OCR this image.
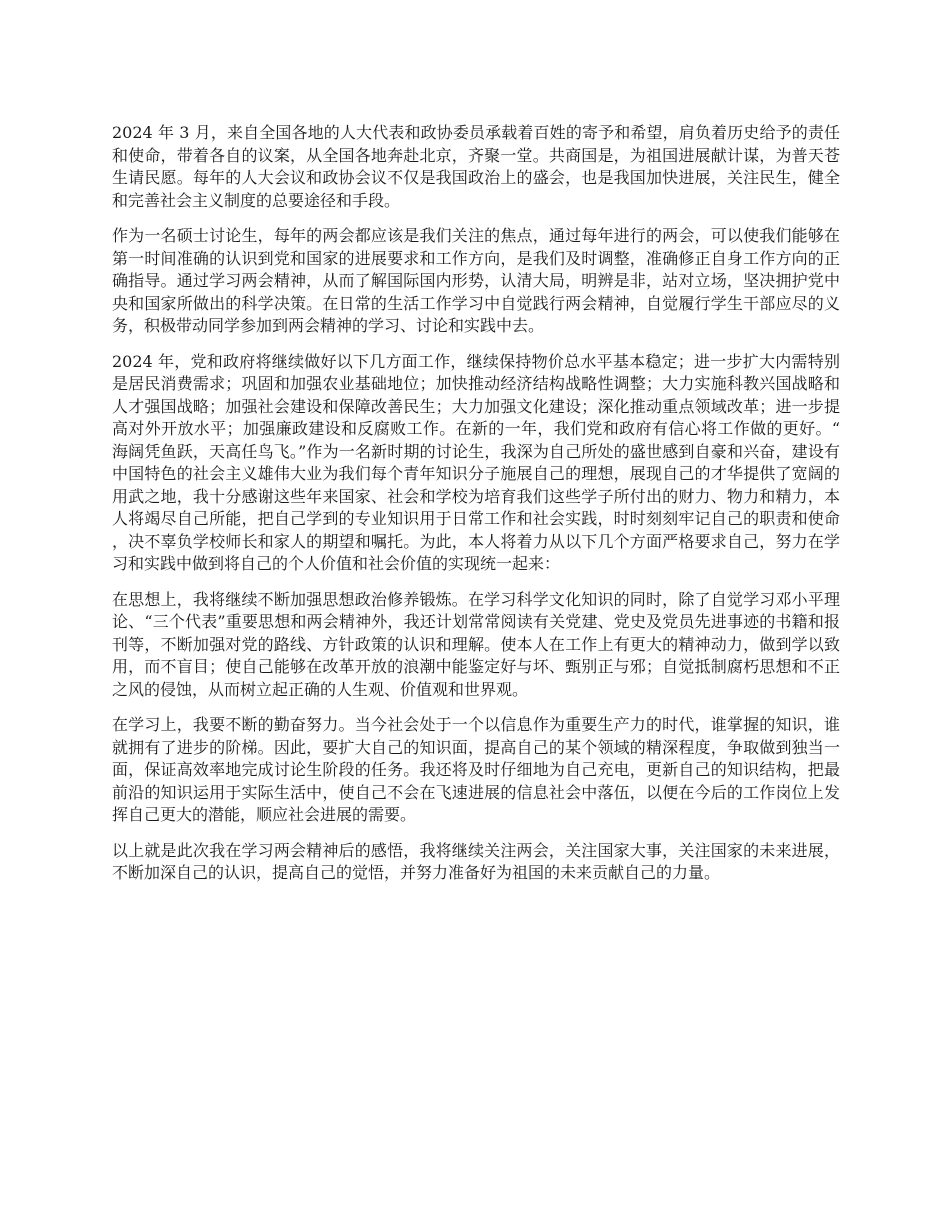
2024 年 3 月，来自全国各地的人大代表和政协委员承载着百姓的寄予和希望，肩负着历史给予的责任和使命，带着各自的议案，从全国各地奔赴北京，齐聚一堂。共商国是，为祖国进展献计谋，为普天苍生请民愿。每年的人大会议和政协会议不仅是我国政治上的盛会，也是我国加快进展，关注民生，健全和完善社会主义制度的总要途径和手段。

作为一名硕士讨论生，每年的两会都应该是我们关注的焦点，通过每年进行的两会，可以使我们能够在第一时间准确的认识到党和国家的进展要求和工作方向，是我们及时调整，准确修正自身工作方向的正确指导。通过学习两会精神，从而了解国际国内形势，认清大局，明辨是非，站对立场，坚决拥护党中央和国家所做出的科学决策。在日常的生活工作学习中自觉践行两会精神，自觉履行学生干部应尽的义务，积极带动同学参加到两会精神的学习、讨论和实践中去。

2024 年，党和政府将继续做好以下几方面工作，继续保持物价总水平基本稳定；进一步扩大内需特别是居民消费需求；巩固和加强农业基础地位；加快推动经济结构战略性调整；大力实施科教兴国战略和人才强国战略；加强社会建设和保障改善民生；大力加强文化建设；深化推动重点领域改革；进一步提高对外开放水平；加强廉政建设和反腐败工作。在新的一年，我们党和政府有信心将工作做的更好。“海阔凭鱼跃，天高任鸟飞。”作为一名新时期的讨论生，我深为自己所处的盛世感到自豪和兴奋，建设有中国特色的社会主义雄伟大业为我们每个青年知识分子施展自己的理想，展现自己的才华提供了宽阔的用武之地，我十分感谢这些年来国家、社会和学校为培育我们这些学子所付出的财力、物力和精力，本人将竭尽自己所能，把自己学到的专业知识用于日常工作和社会实践，时时刻刻牢记自己的职责和使命，决不辜负学校师长和家人的期望和嘱托。为此，本人将着力从以下几个方面严格要求自己，努力在学习和实践中做到将自己的个人价值和社会价值的实现统一起来：

在思想上，我将继续不断加强思想政治修养锻炼。在学习科学文化知识的同时，除了自觉学习邓小平理论、“三个代表”重要思想和两会精神外，我还计划常常阅读有关党建、党史及党员先进事迹的书籍和报刊等，不断加强对党的路线、方针政策的认识和理解。使本人在工作上有更大的精神动力，做到学以致用，而不盲目；使自己能够在改革开放的浪潮中能鉴定好与坏、甄别正与邪；自觉抵制腐朽思想和不正之风的侵蚀，从而树立起正确的人生观、价值观和世界观。

在学习上，我要不断的勤奋努力。当今社会处于一个以信息作为重要生产力的时代，谁掌握的知识，谁就拥有了进步的阶梯。因此，要扩大自己的知识面，提高自己的某个领域的精深程度，争取做到独当一面，保证高效率地完成讨论生阶段的任务。我还将及时仔细地为自己充电，更新自己的知识结构，把最前沿的知识运用于实际生活中，使自己不会在飞速进展的信息社会中落伍，以便在今后的工作岗位上发挥自己更大的潜能，顺应社会进展的需要。

以上就是此次我在学习两会精神后的感悟，我将继续关注两会，关注国家大事，关注国家的未来进展，不断加深自己的认识，提高自己的觉悟，并努力准备好为祖国的未来贡献自己的力量。
